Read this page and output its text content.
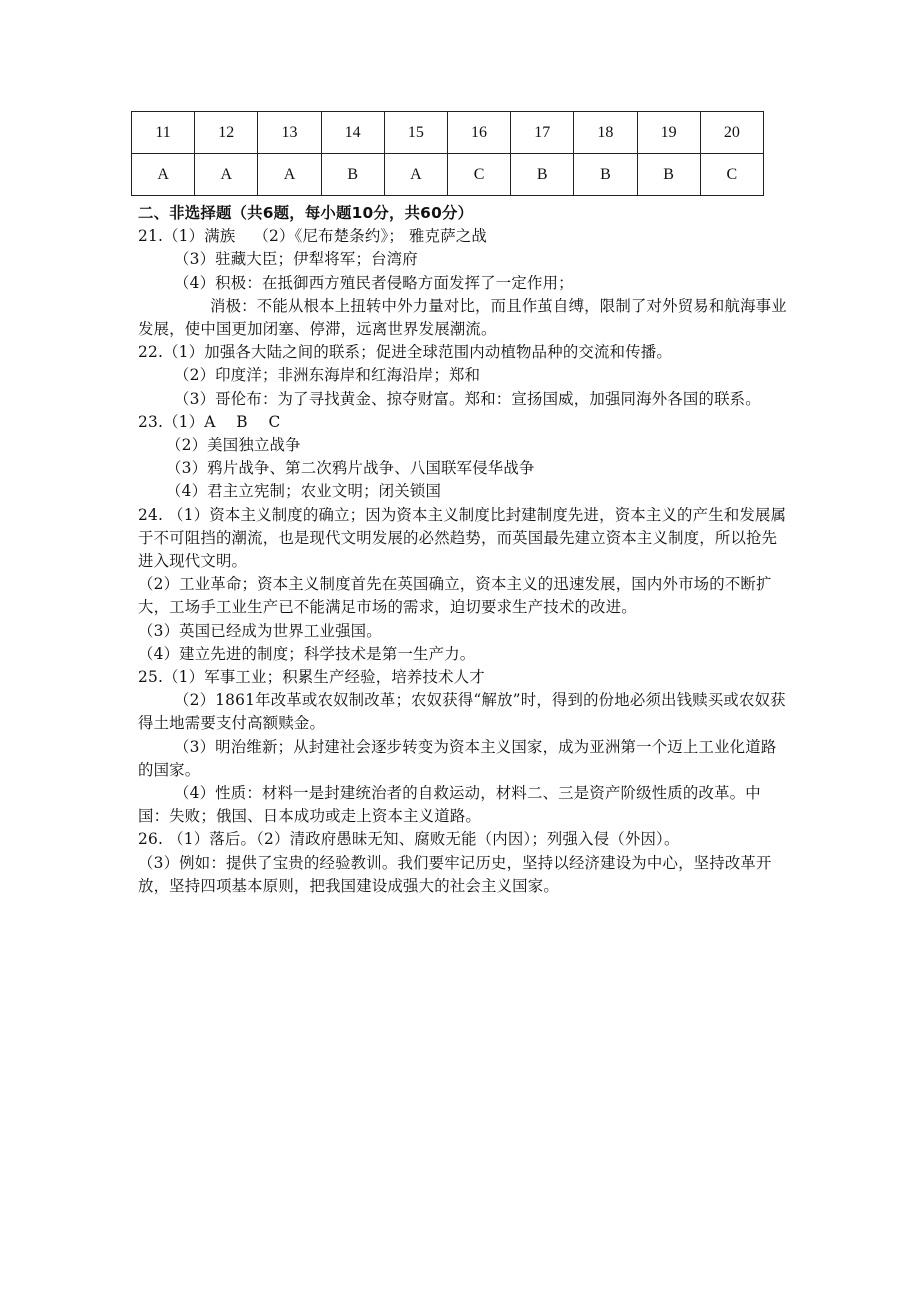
11	12	13	14	15	16	17	18	19	20
A	A	A	B	A	C	B	B	B	C

二、非选择题（共6题，每小题10分，共60分）

21.（1）满族 （2）《尼布楚条约》； 雅克萨之战

（3）驻藏大臣；伊犁将军；台湾府

（4）积极：在抵御西方殖民者侵略方面发挥了一定作用；

消极：不能从根本上扭转中外力量对比，而且作茧自缚，限制了对外贸易和航海事业发展，使中国更加闭塞、停滞，远离世界发展潮流。

22.（1）加强各大陆之间的联系；促进全球范围内动植物品种的交流和传播。

（2）印度洋；非洲东海岸和红海沿岸；郑和

（3）哥伦布：为了寻找黄金、掠夺财富。郑和：宣扬国威，加强同海外各国的联系。

23.（1）A　 B　 C

（2）美国独立战争

（3）鸦片战争、第二次鸦片战争、八国联军侵华战争

（4）君主立宪制；农业文明；闭关锁国

24. （1）资本主义制度的确立；因为资本主义制度比封建制度先进，资本主义的产生和发展属于不可阻挡的潮流，也是现代文明发展的必然趋势，而英国最先建立资本主义制度，所以抢先进入现代文明。

（2）工业革命；资本主义制度首先在英国确立，资本主义的迅速发展，国内外市场的不断扩大，工场手工业生产已不能满足市场的需求，迫切要求生产技术的改进。

（3）英国已经成为世界工业强国。

（4）建立先进的制度；科学技术是第一生产力。

25.（1）军事工业；积累生产经验，培养技术人才

（2）1861年改革或农奴制改革；农奴获得“解放”时，得到的份地必须出钱赎买或农奴获得土地需要支付高额赎金。

（3）明治维新；从封建社会逐步转变为资本主义国家，成为亚洲第一个迈上工业化道路的国家。

（4）性质：材料一是封建统治者的自救运动，材料二、三是资产阶级性质的改革。中国：失败；俄国、日本成功或走上资本主义道路。

26. （1）落后。（2）清政府愚昧无知、腐败无能（内因）；列强入侵（外因）。

（3）例如：提供了宝贵的经验教训。我们要牢记历史，坚持以经济建设为中心，坚持改革开放，坚持四项基本原则，把我国建设成强大的社会主义国家。
